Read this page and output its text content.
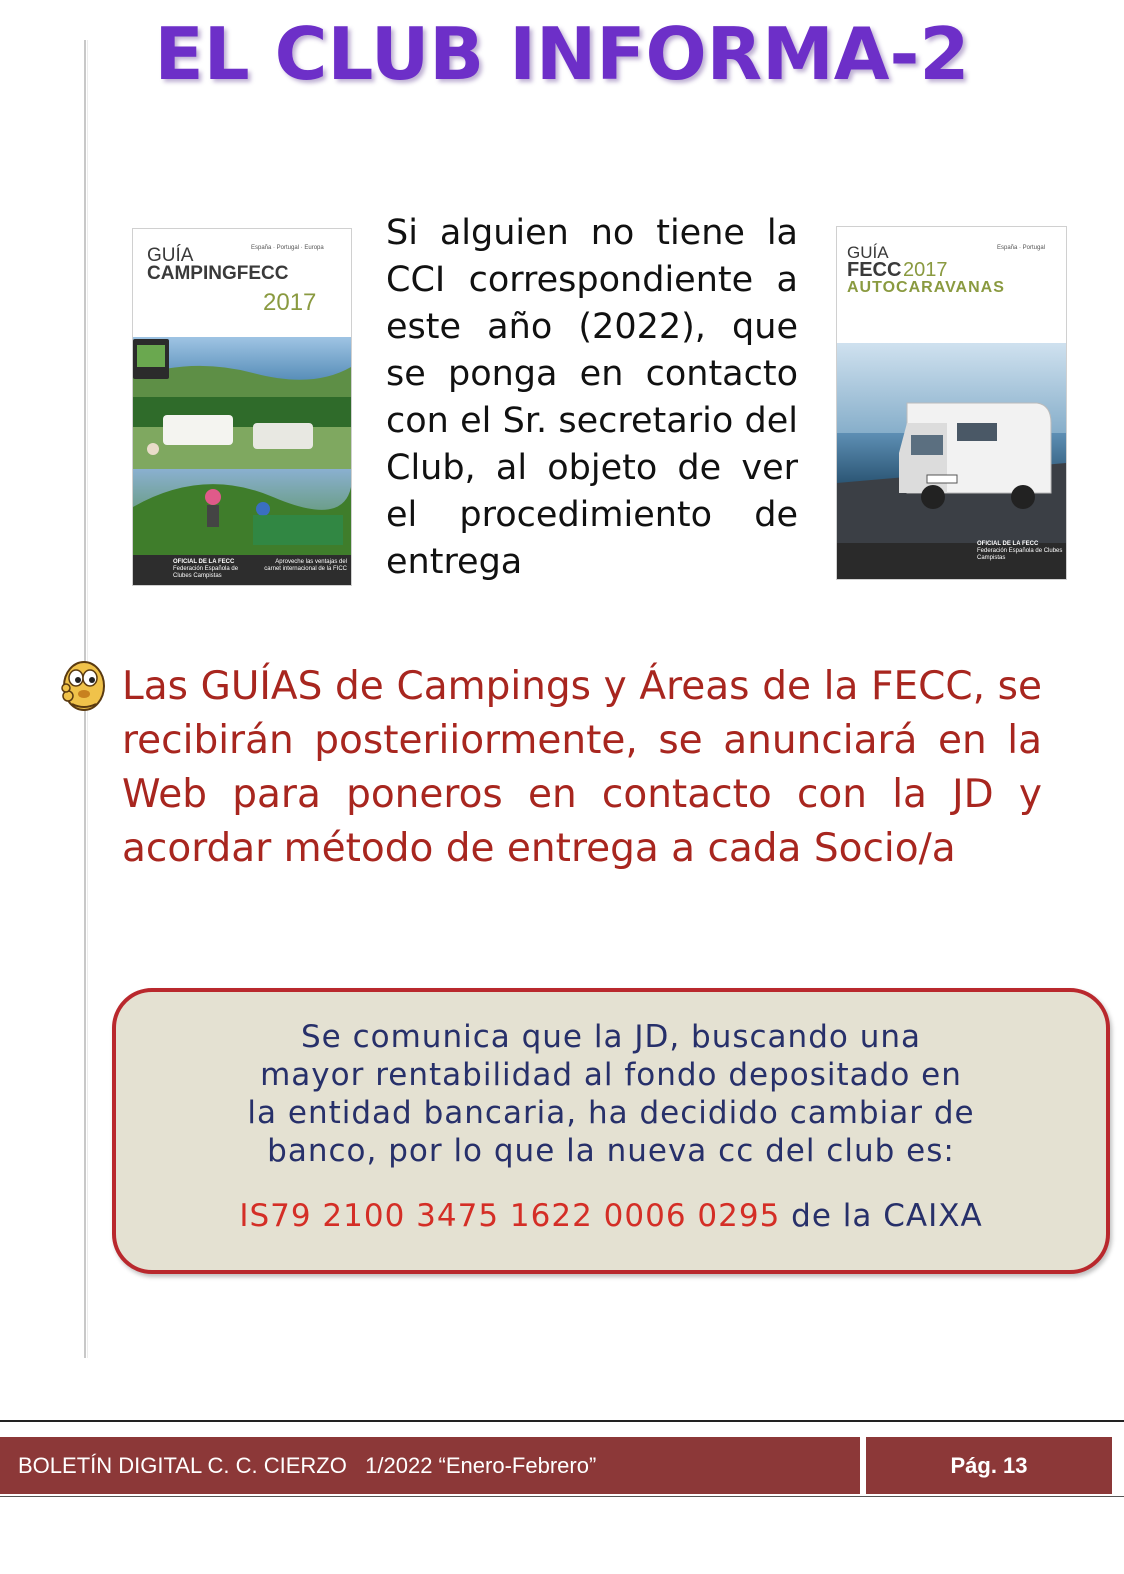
EL CLUB INFORMA-2
GUÍA
CAMPINGFECC
España · Portugal · Europa
2017
OFICIAL DE LA FECC
Federación Española de Clubes Campistas
Aproveche las ventajas del carnet internacional de la FICC
GUÍA
FECC 2017
AUTOCARAVANAS
España · Portugal
OFICIAL DE LA FECC
Federación Española de Clubes Campistas
Si alguien no tiene la CCI correspondiente a este año (2022), que se ponga en contacto con el Sr. secretario del Club, al objeto de ver el procedimiento de entrega
Las GUÍAS de Campings y Áreas de la FECC, se recibirán posteriiormente, se anunciará en la Web para poneros en contacto con la JD y acordar método de entrega a cada Socio/a
Se comunica que la JD, buscando una
mayor rentabilidad al fondo depositado en
la entidad bancaria, ha decidido cambiar de
banco, por lo que la nueva cc del club es:
IS79 2100 3475 1622 0006 0295 de la CAIXA
BOLETÍN DIGITAL C. C. CIERZO   1/2022 “Enero-Febrero”	Pág. 13
